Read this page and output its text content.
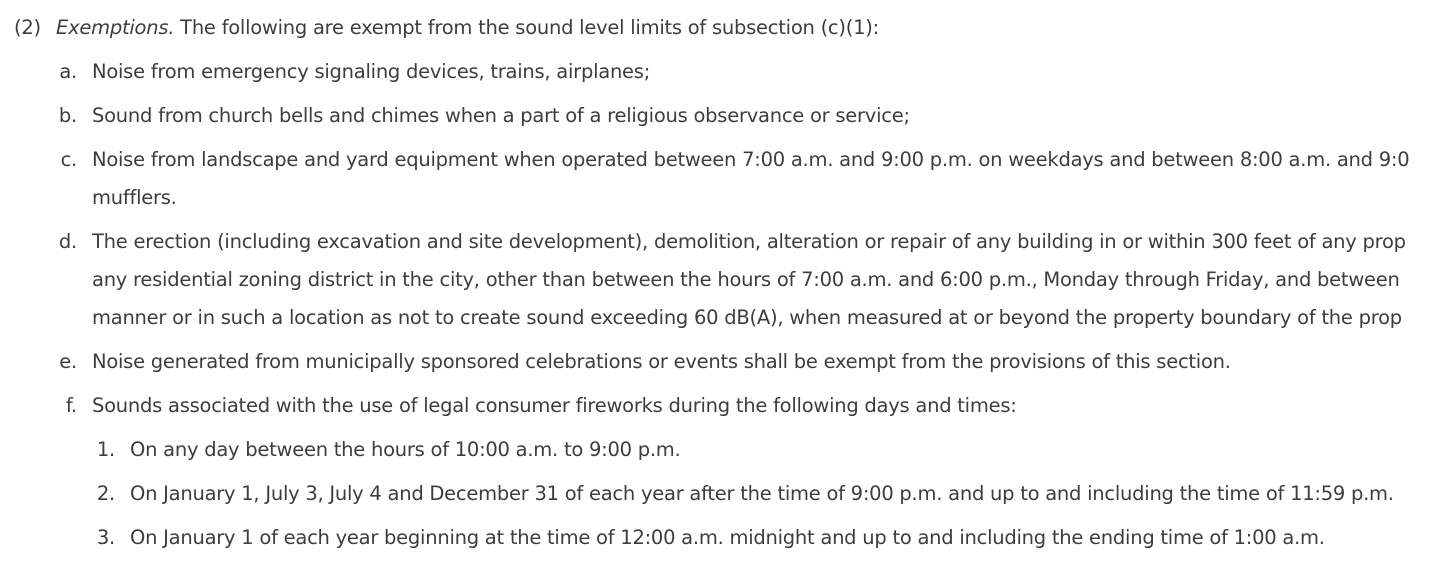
(2) Exemptions. The following are exempt from the sound level limits of subsection (c)(1):
a. Noise from emergency signaling devices, trains, airplanes;
b. Sound from church bells and chimes when a part of a religious observance or service;
c. Noise from landscape and yard equipment when operated between 7:00 a.m. and 9:00 p.m. on weekdays and between 8:00 a.m. and 9:0
mufflers.
d. The erection (including excavation and site development), demolition, alteration or repair of any building in or within 300 feet of any prop
any residential zoning district in the city, other than between the hours of 7:00 a.m. and 6:00 p.m., Monday through Friday, and between
manner or in such a location as not to create sound exceeding 60 dB(A), when measured at or beyond the property boundary of the prop
e. Noise generated from municipally sponsored celebrations or events shall be exempt from the provisions of this section.
f. Sounds associated with the use of legal consumer fireworks during the following days and times:
1. On any day between the hours of 10:00 a.m. to 9:00 p.m.
2. On January 1, July 3, July 4 and December 31 of each year after the time of 9:00 p.m. and up to and including the time of 11:59 p.m.
3. On January 1 of each year beginning at the time of 12:00 a.m. midnight and up to and including the ending time of 1:00 a.m.
